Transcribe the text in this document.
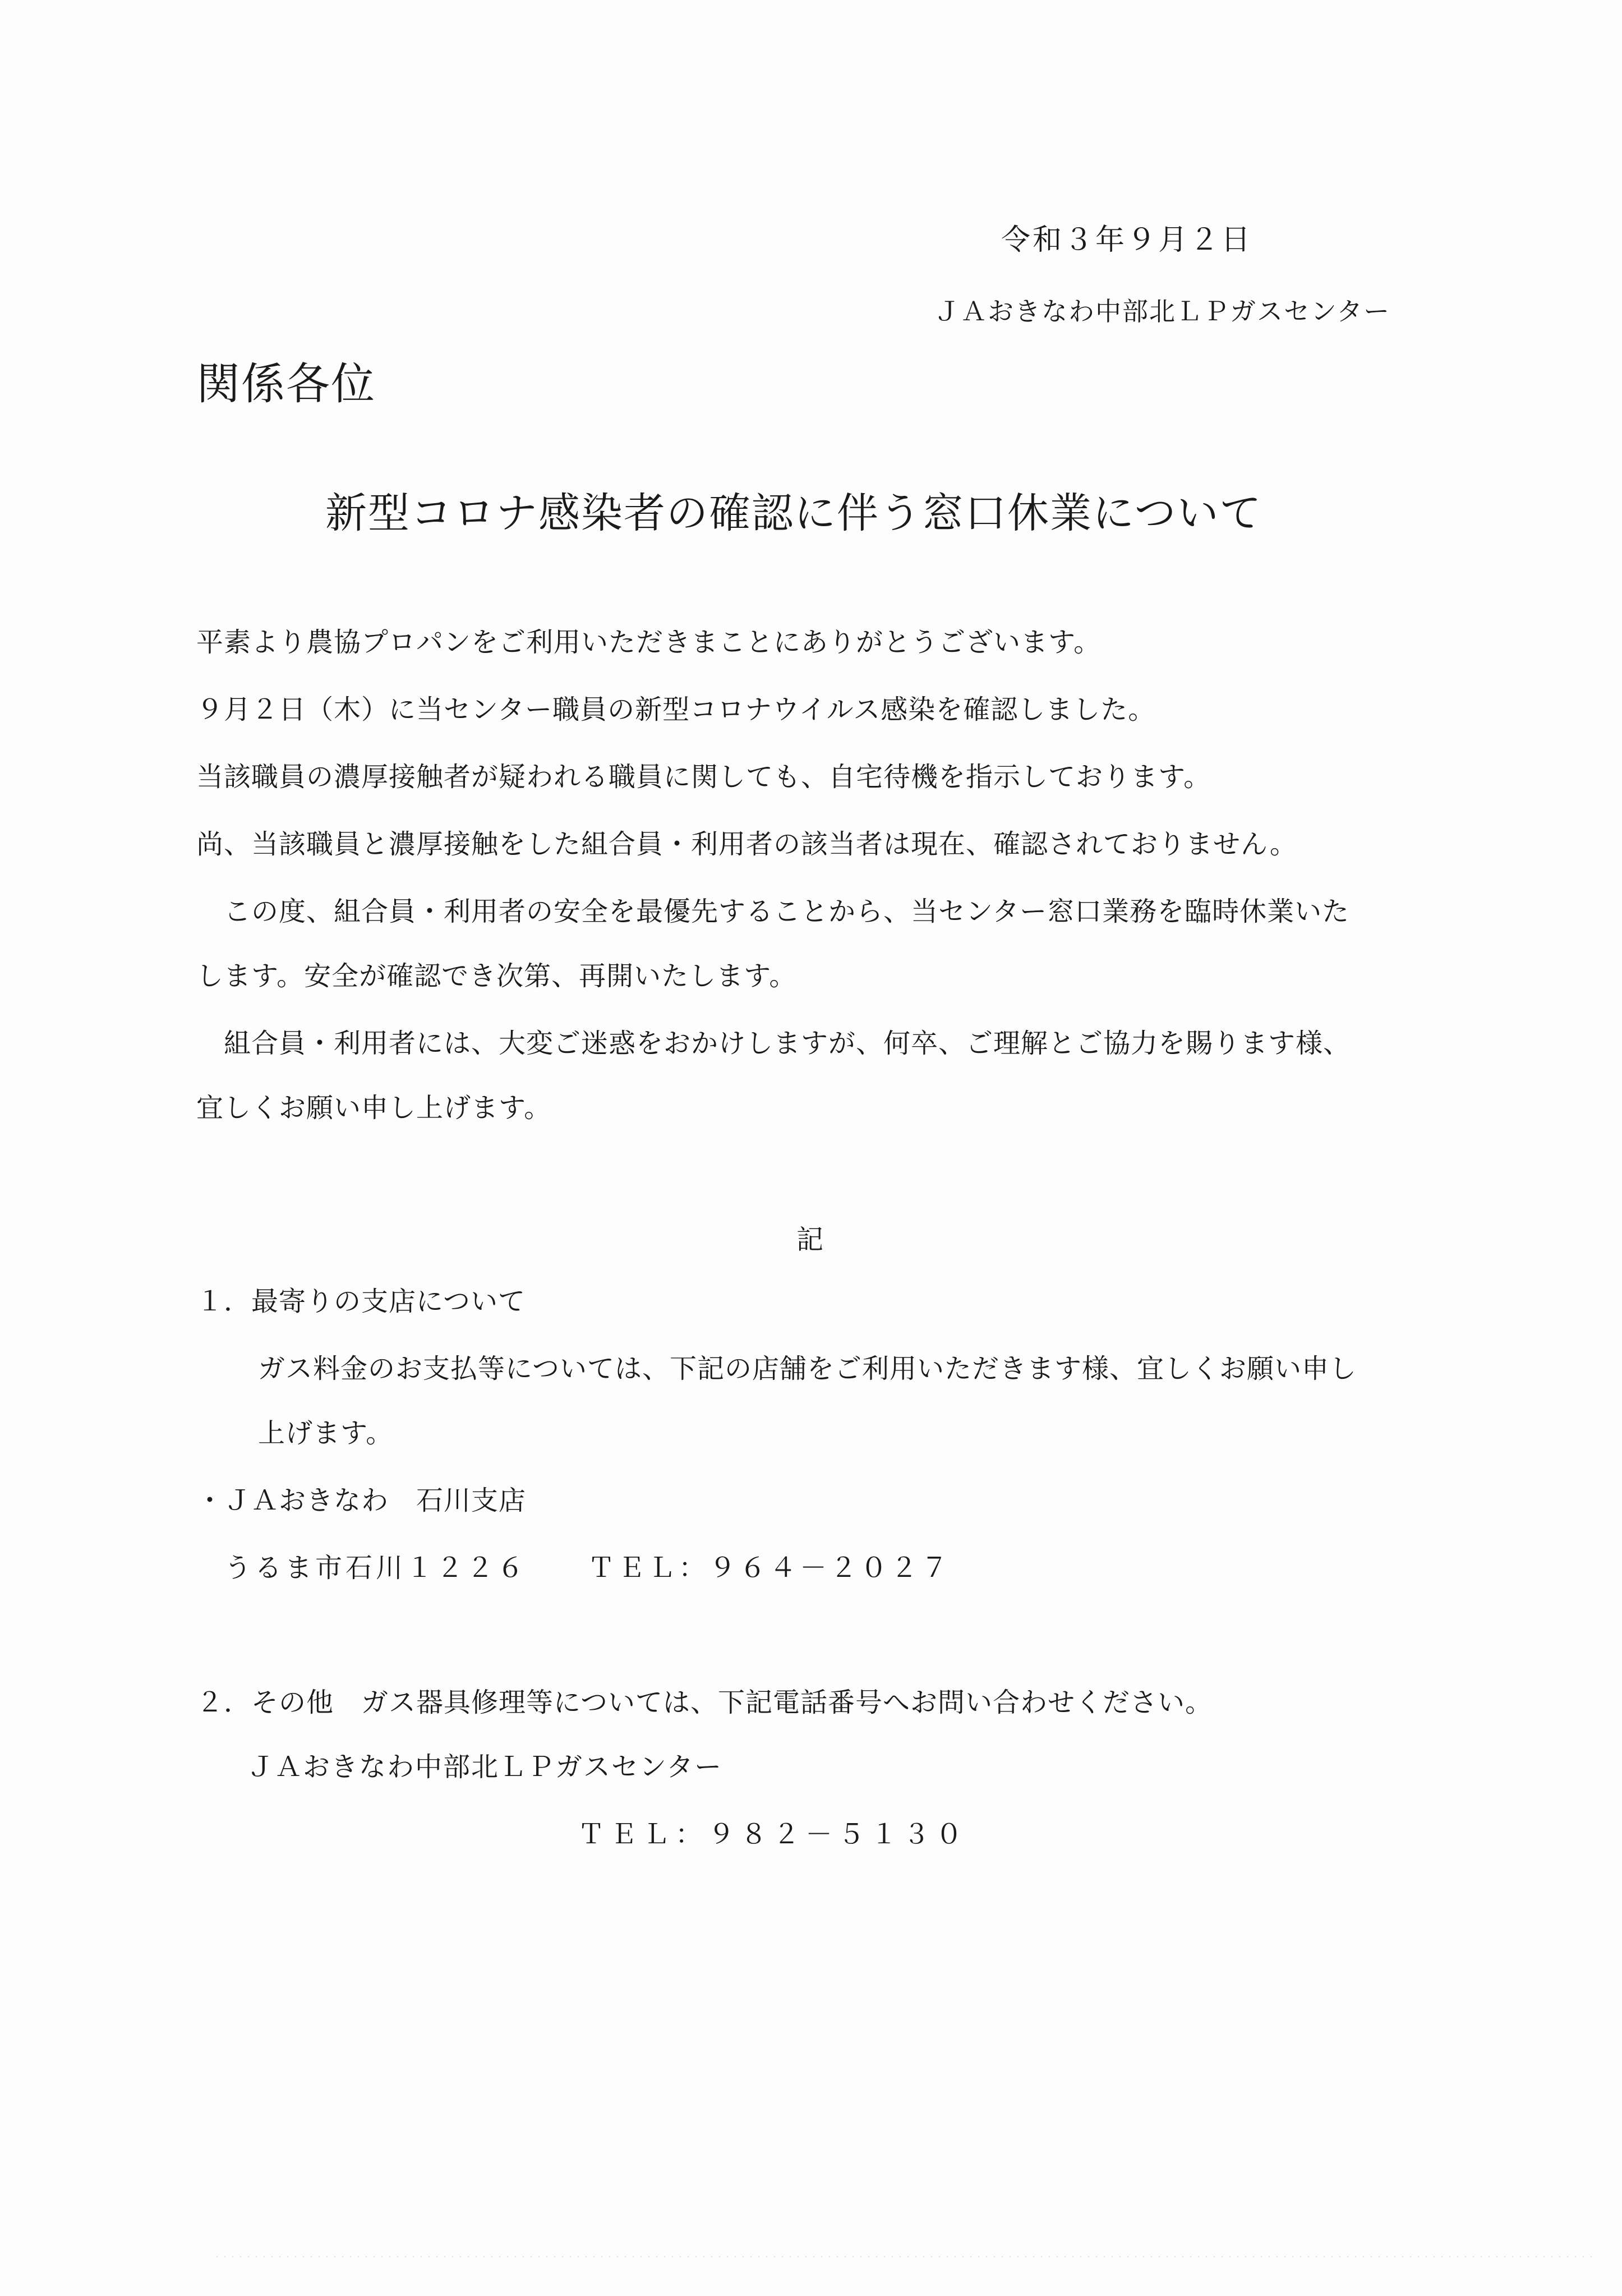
令和３年９月２日
ＪＡおきなわ中部北ＬＰガスセンター
関係各位
新型コロナ感染者の確認に伴う窓口休業について
平素より農協プロパンをご利用いただきまことにありがとうございます。
９月２日（木）に当センター職員の新型コロナウイルス感染を確認しました。
当該職員の濃厚接触者が疑われる職員に関しても、自宅待機を指示しております。
尚、当該職員と濃厚接触をした組合員・利用者の該当者は現在、確認されておりません。
　この度、組合員・利用者の安全を最優先することから、当センター窓口業務を臨時休業いた
します。安全が確認でき次第、再開いたします。
　組合員・利用者には、大変ご迷惑をおかけしますが、何卒、ご理解とご協力を賜ります様、
宜しくお願い申し上げます。
記
１．最寄りの支店について
ガス料金のお支払等については、下記の店舗をご利用いただきます様、宜しくお願い申し
上げます。
・ＪＡおきなわ　石川支店
うるま市石川１２２６　　ＴＥＬ：９６４－２０２７
２．その他　ガス器具修理等については、下記電話番号へお問い合わせください。
ＪＡおきなわ中部北ＬＰガスセンター
ＴＥＬ：９８２－５１３０
